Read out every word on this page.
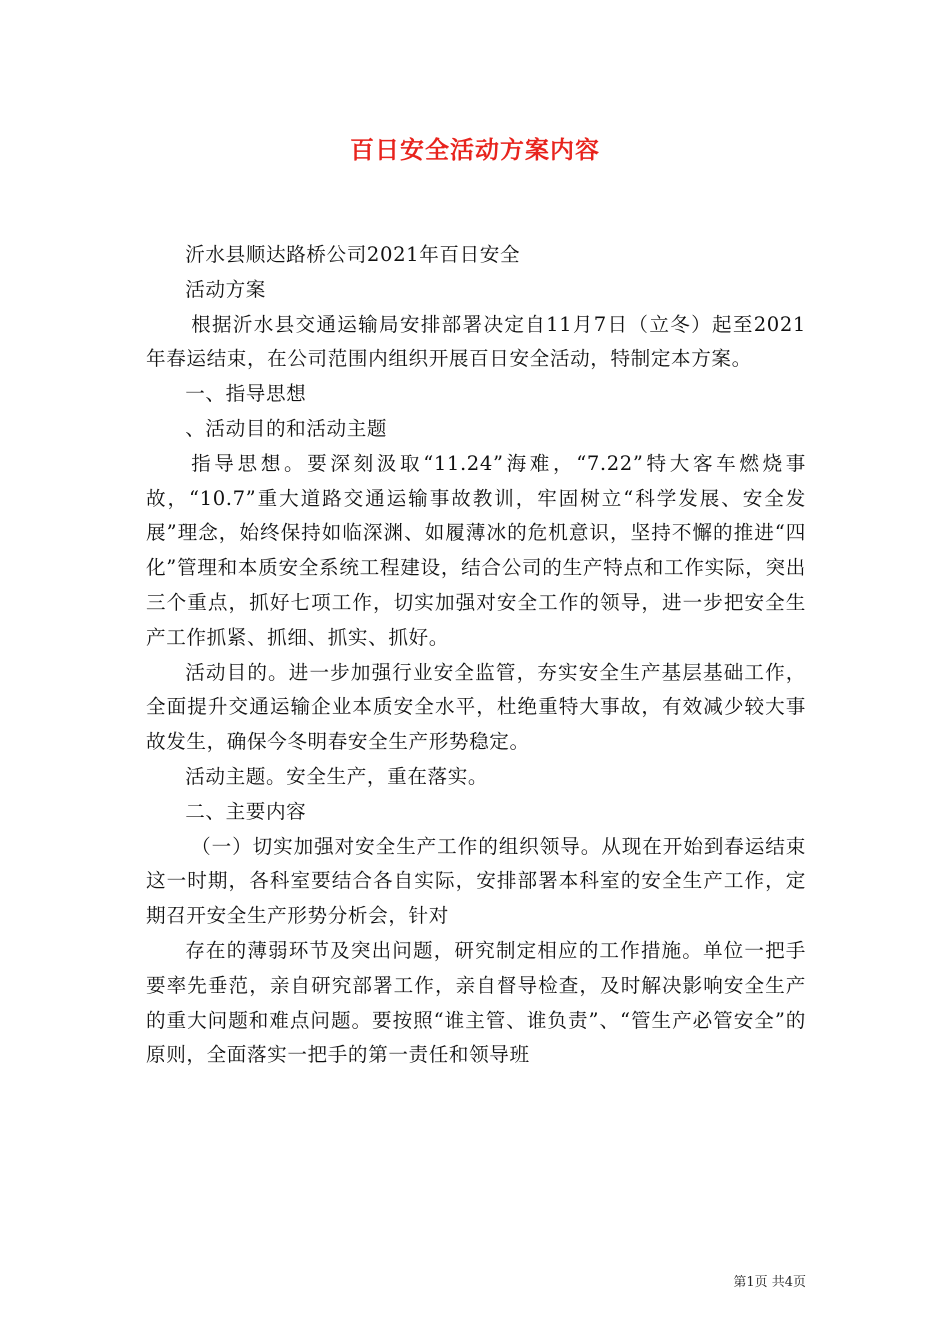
百日安全活动方案内容

沂水县顺达路桥公司2021年百日安全

活动方案

根据沂水县交通运输局安排部署决定自11月7日（立冬）起至2021年春运结束，在公司范围内组织开展百日安全活动，特制定本方案。

一、指导思想

、活动目的和活动主题

指导思想。要深刻汲取“11.24”海难，“7.22”特大客车燃烧事故，“10.7”重大道路交通运输事故教训，牢固树立“科学发展、安全发展”理念，始终保持如临深渊、如履薄冰的危机意识，坚持不懈的推进“四化”管理和本质安全系统工程建设，结合公司的生产特点和工作实际，突出三个重点，抓好七项工作，切实加强对安全工作的领导，进一步把安全生产工作抓紧、抓细、抓实、抓好。

活动目的。进一步加强行业安全监管，夯实安全生产基层基础工作，全面提升交通运输企业本质安全水平，杜绝重特大事故，有效减少较大事故发生，确保今冬明春安全生产形势稳定。

活动主题。安全生产，重在落实。

二、主要内容

（一）切实加强对安全生产工作的组织领导。从现在开始到春运结束这一时期，各科室要结合各自实际，安排部署本科室的安全生产工作，定期召开安全生产形势分析会，针对

存在的薄弱环节及突出问题，研究制定相应的工作措施。单位一把手要率先垂范，亲自研究部署工作，亲自督导检查，及时解决影响安全生产的重大问题和难点问题。要按照“谁主管、谁负责”、“管生产必管安全”的原则，全面落实一把手的第一责任和领导班

第1页 共4页
